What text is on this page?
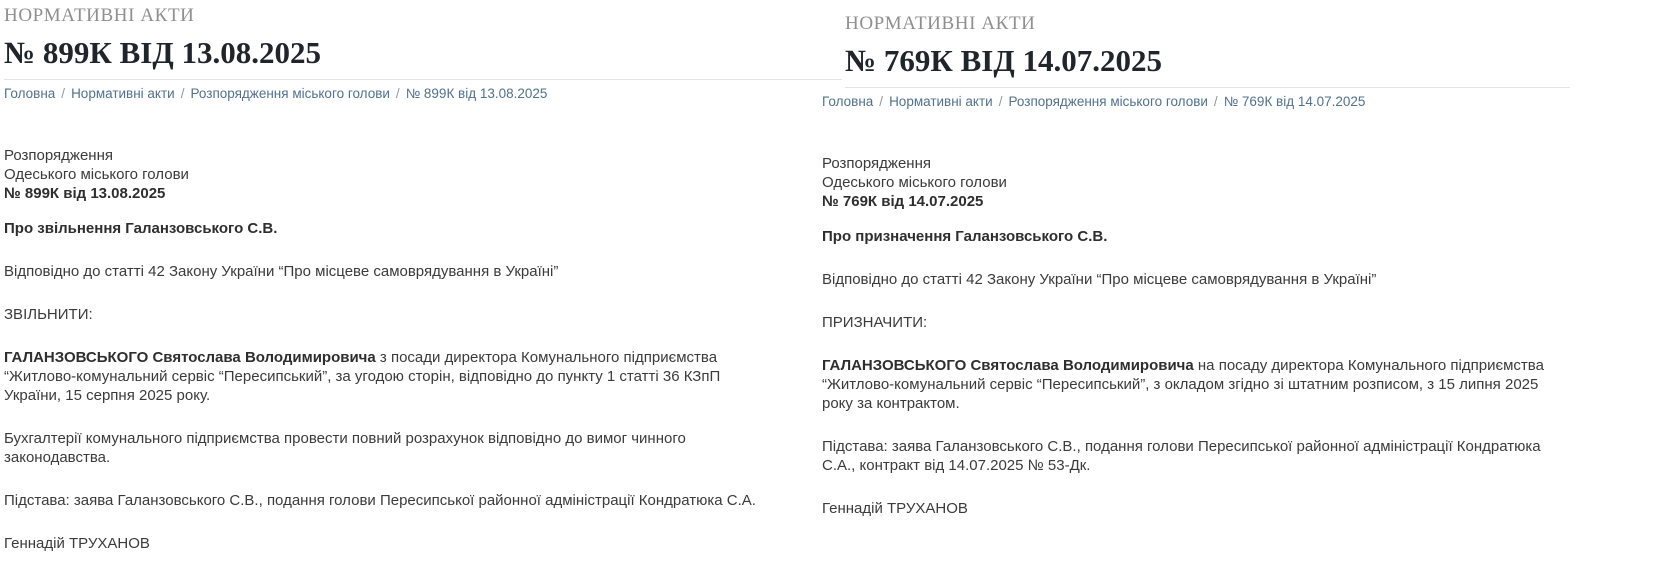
НОРМАТИВНІ АКТИ
№ 899К ВІД 13.08.2025
Головна / Нормативні акти / Розпорядження міського голови / № 899К від 13.08.2025

Розпорядження

Одеського міського голови

№ 899К від 13.08.2025

Про звільнення Галанзовського С.В.

Відповідно до статті 42 Закону України “Про місцеве самоврядування в Україні”

ЗВІЛЬНИТИ:

ГАЛАНЗОВСЬКОГО Святослава Володимировича з посади директора Комунального підприємства “Житлово-комунальний сервіс “Пересипський”, за угодою сторін, відповідно до пункту 1 статті 36 КЗпП України, 15 серпня 2025 року.

Бухгалтерії комунального підприємства провести повний розрахунок відповідно до вимог чинного законодавства.

Підстава: заява Галанзовського С.В., подання голови Пересипської районної адміністрації Кондратюка С.А.

Геннадій ТРУХАНОВ

НОРМАТИВНІ АКТИ
№ 769К ВІД 14.07.2025
Головна / Нормативні акти / Розпорядження міського голови / № 769К від 14.07.2025

Розпорядження

Одеського міського голови

№ 769К від 14.07.2025

Про призначення Галанзовського С.В.

Відповідно до статті 42 Закону України “Про місцеве самоврядування в Україні”

ПРИЗНАЧИТИ:

ГАЛАНЗОВСЬКОГО Святослава Володимировича на посаду директора Комунального підприємства “Житлово-комунальний сервіс “Пересипський”, з окладом згідно зі штатним розписом, з 15 липня 2025 року за контрактом.

Підстава: заява Галанзовського С.В., подання голови Пересипської районної адміністрації Кондратюка С.А., контракт від 14.07.2025 № 53-Дк.

Геннадій ТРУХАНОВ
